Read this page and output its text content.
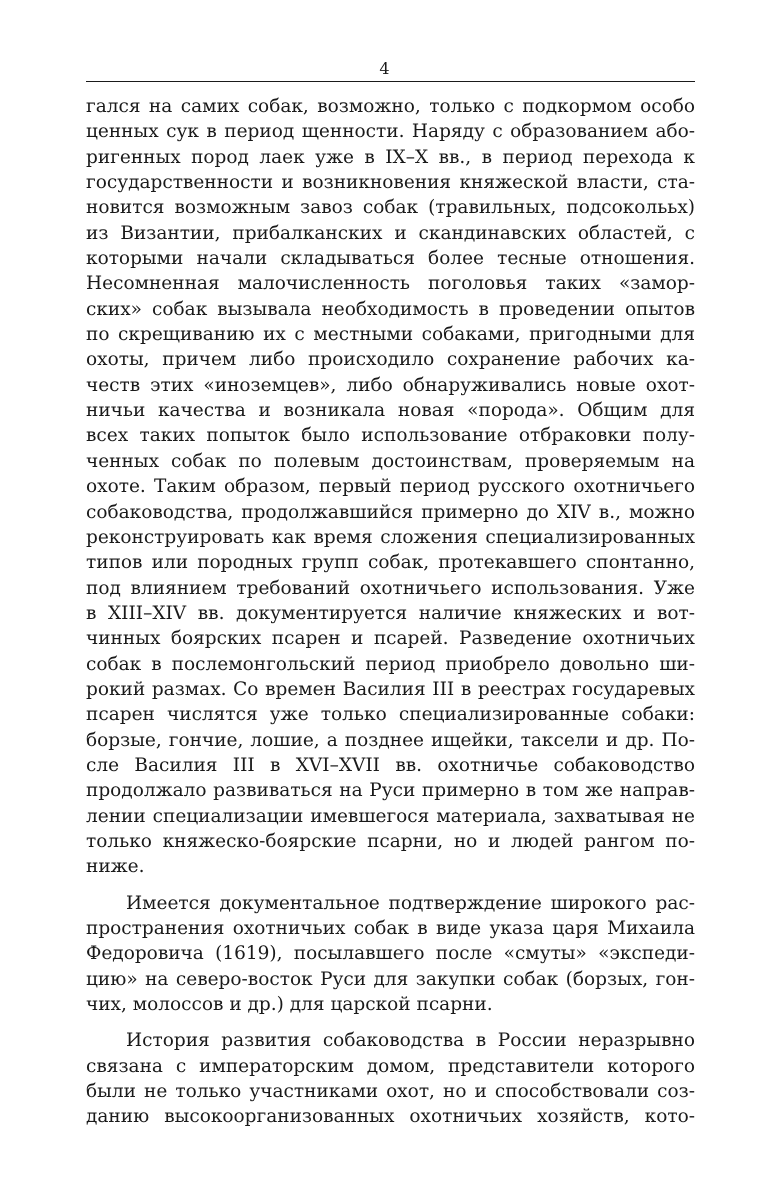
4
гался на самих собак, возможно, только с подкормом особо
ценных сук в период щенности. Наряду с образованием або-
ригенных пород лаек уже в IX–X вв., в период перехода к
государственности и возникновения княжеской власти, ста-
новится возможным завоз собак (травильных, подсоколььх)
из Византии, прибалканских и скандинавских областей, с
которыми начали складываться более тесные отношения.
Несомненная малочисленность поголовья таких «замор-
ских» собак вызывала необходимость в проведении опытов
по скрещиванию их с местными собаками, пригодными для
охоты, причем либо происходило сохранение рабочих ка-
честв этих «иноземцев», либо обнаруживались новые охот-
ничьи качества и возникала новая «порода». Общим для
всех таких попыток было использование отбраковки полу-
ченных собак по полевым достоинствам, проверяемым на
охоте. Таким образом, первый период русского охотничьего
собаководства, продолжавшийся примерно до XIV в., можно
реконструировать как время сложения специализированных
типов или породных групп собак, протекавшего спонтанно,
под влиянием требований охотничьего использования. Уже
в XIII–XIV вв. документируется наличие княжеских и вот-
чинных боярских псарен и псарей. Разведение охотничьих
собак в послемонгольский период приобрело довольно ши-
рокий размах. Со времен Василия III в реестрах государевых
псарен числятся уже только специализированные собаки:
борзые, гончие, лошие, а позднее ищейки, таксели и др. По-
сле Василия III в XVI–XVII вв. охотничье собаководство
продолжало развиваться на Руси примерно в том же направ-
лении специализации имевшегося материала, захватывая не
только княжеско-боярские псарни, но и людей рангом по-
ниже.
Имеется документальное подтверждение широкого рас-
пространения охотничьих собак в виде указа царя Михаила
Федоровича (1619), посылавшего после «смуты» «экспеди-
цию» на северо-восток Руси для закупки собак (борзых, гон-
чих, молоссов и др.) для царской псарни.
История развития собаководства в России неразрывно
связана с императорским домом, представители которого
были не только участниками охот, но и способствовали соз-
данию высокоорганизованных охотничьих хозяйств, кото-
